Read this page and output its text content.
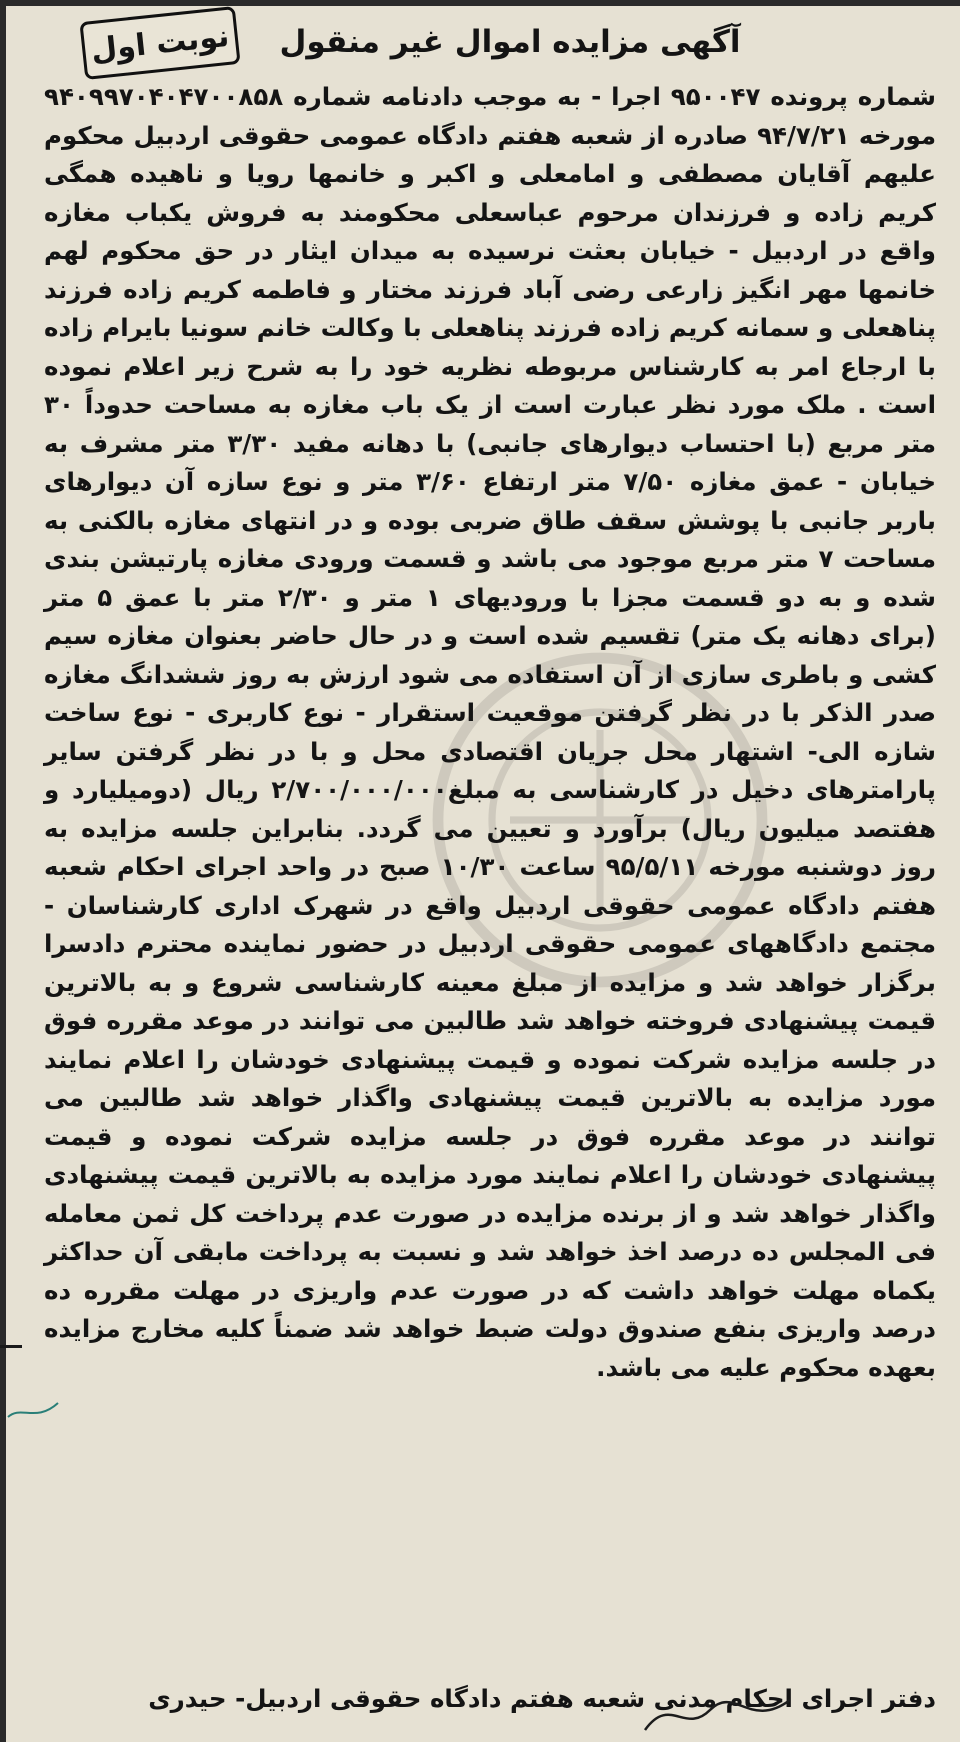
نوبت اول	آگهی مزایده اموال غیر منقول

شماره پرونده ۹۵۰۰۴۷ اجرا - به موجب دادنامه شماره ۹۴۰۹۹۷۰۴۰۴۷۰۰۸۵۸ مورخه ۹۴/۷/۲۱ صادره از شعبه هفتم دادگاه عمومی حقوقی اردبیل محکوم علیهم آقایان مصطفی و امامعلی و اکبر و خانمها رویا و ناهیده همگی کریم زاده و فرزندان مرحوم عباسعلی محکومند به فروش یکباب مغازه واقع در اردبیل - خیابان بعثت نرسیده به میدان ایثار در حق محکوم لهم خانمها مهر انگیز زارعی رضی آباد فرزند مختار و فاطمه کریم زاده فرزند پناهعلی و سمانه کریم زاده فرزند پناهعلی با وکالت خانم سونیا بایرام زاده با ارجاع امر به کارشناس مربوطه نظریه خود را به شرح زیر اعلام نموده است . ملک مورد نظر عبارت است از یک باب مغازه به مساحت حدوداً ۳۰ متر مربع (با احتساب دیوارهای جانبی) با دهانه مفید ۳/۳۰ متر مشرف به خیابان - عمق مغازه ۷/۵۰ متر ارتفاع ۳/۶۰ متر و نوع سازه آن دیوارهای باربر جانبی با پوشش سقف طاق ضربی بوده و در انتهای مغازه بالکنی به مساحت ۷ متر مربع موجود می باشد و قسمت ورودی مغازه پارتیشن بندی شده و به دو قسمت مجزا با ورودیهای ۱ متر و ۲/۳۰ متر با عمق ۵ متر (برای دهانه یک متر) تقسیم شده است و در حال حاضر بعنوان مغازه سیم کشی و باطری سازی از آن استفاده می شود ارزش به روز ششدانگ مغازه صدر الذکر با در نظر گرفتن موقعیت استقرار - نوع کاربری - نوع ساخت شازه الی- اشتهار محل جریان اقتصادی محل و با در نظر گرفتن سایر پارامترهای دخیل در کارشناسی به مبلغ۲/۷۰۰/۰۰۰/۰۰۰ ریال (دومیلیارد و هفتصد میلیون ریال) برآورد و تعیین می گردد. بنابراین جلسه مزایده به روز دوشنبه مورخه ۹۵/۵/۱۱ ساعت ۱۰/۳۰ صبح در واحد اجرای احکام شعبه هفتم دادگاه عمومی حقوقی اردبیل واقع در شهرک اداری کارشناسان - مجتمع دادگاههای عمومی حقوقی اردبیل در حضور نماینده محترم دادسرا برگزار خواهد شد و مزایده از مبلغ معینه کارشناسی شروع و به بالاترین قیمت پیشنهادی فروخته خواهد شد طالبین می توانند در موعد مقرره فوق در جلسه مزایده شرکت نموده و قیمت پیشنهادی خودشان را اعلام نمایند مورد مزایده به بالاترین قیمت پیشنهادی واگذار خواهد شد طالبین می توانند در موعد مقرره فوق در جلسه مزایده شرکت نموده و قیمت پیشنهادی خودشان را اعلام نمایند مورد مزایده به بالاترین قیمت پیشنهادی واگذار خواهد شد و از برنده مزایده در صورت عدم پرداخت کل ثمن معامله فی المجلس ده درصد اخذ خواهد شد و نسبت به پرداخت مابقی آن حداکثر یکماه مهلت خواهد داشت که در صورت عدم واریزی در مهلت مقرره ده درصد واریزی بنفع صندوق دولت ضبط خواهد شد ضمناً کلیه مخارج مزایده بعهده محکوم علیه می باشد.

دفتر اجرای احکام مدنی شعبه هفتم دادگاه حقوقی اردبیل- حیدری
